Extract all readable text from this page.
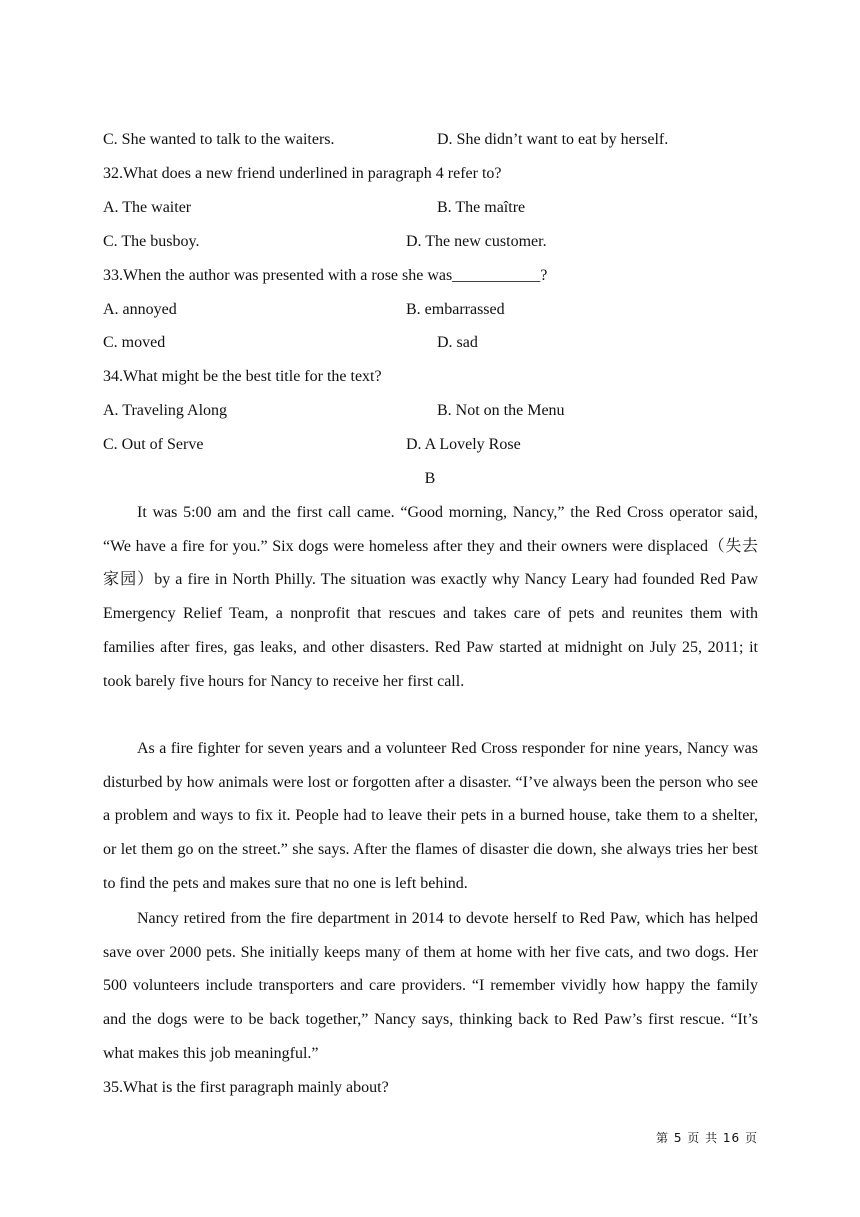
C. She wanted to talk to the waiters.	D. She didn’t want to eat by herself.
32.What does a new friend underlined in paragraph 4 refer to?
A. The waiter	B. The maître
C. The busboy.	D. The new customer.
33.When the author was presented with a rose she was___________?
A. annoyed	B. embarrassed
C. moved	D. sad
34.What might be the best title for the text?
A. Traveling Along	B. Not on the Menu
C. Out of Serve	D. A Lovely Rose
B
It was 5:00 am and the first call came. “Good morning, Nancy,” the Red Cross operator said, “We have a fire for you.” Six dogs were homeless after they and their owners were displaced（失去家园）by a fire in North Philly. The situation was exactly why Nancy Leary had founded Red Paw Emergency Relief Team, a nonprofit that rescues and takes care of pets and reunites them with families after fires, gas leaks, and other disasters. Red Paw started at midnight on July 25, 2011; it took barely five hours for Nancy to receive her first call.
As a fire fighter for seven years and a volunteer Red Cross responder for nine years, Nancy was disturbed by how animals were lost or forgotten after a disaster. “I’ve always been the person who see a problem and ways to fix it. People had to leave their pets in a burned house, take them to a shelter, or let them go on the street.” she says. After the flames of disaster die down, she always tries her best to find the pets and makes sure that no one is left behind.
Nancy retired from the fire department in 2014 to devote herself to Red Paw, which has helped save over 2000 pets. She initially keeps many of them at home with her five cats, and two dogs. Her 500 volunteers include transporters and care providers. “I remember vividly how happy the family and the dogs were to be back together,” Nancy says, thinking back to Red Paw’s first rescue. “It’s what makes this job meaningful.”
35.What is the first paragraph mainly about?
第 5 页 共 16 页
